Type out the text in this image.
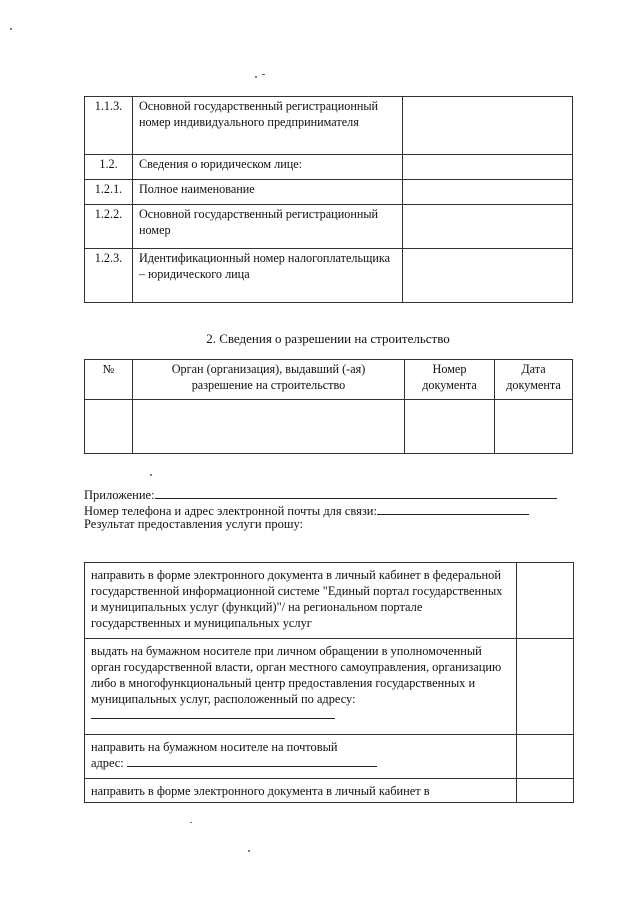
1.1.3.	Основной государственный регистрационный номер индивидуального предпринимателя	
1.2.	Сведения о юридическом лице:	
1.2.1.	Полное наименование	
1.2.2.	Основной государственный регистрационный номер	
1.2.3.	Идентификационный номер налогоплательщика – юридического лица	
2. Сведения о разрешении на строительство
№	Орган (организация), выдавший (-ая) разрешение на строительство	Номер документа	Дата документа

Приложение:
Номер телефона и адрес электронной почты для связи:
Результат предоставления услуги прошу:
направить в форме электронного документа в личный кабинет в федеральной государственной информационной системе "Единый портал государственных и муниципальных услуг (функций)"/ на региональном портале государственных и муниципальных услуг	
выдать на бумажном носителе при личном обращении в уполномоченный орган государственной власти, орган местного самоуправления, организацию либо в многофункциональный центр предоставления государственных и муниципальных услуг, расположенный по адресу:	
направить на бумажном носителе на почтовый
адрес:	
направить в форме электронного документа в личный кабинет в	
